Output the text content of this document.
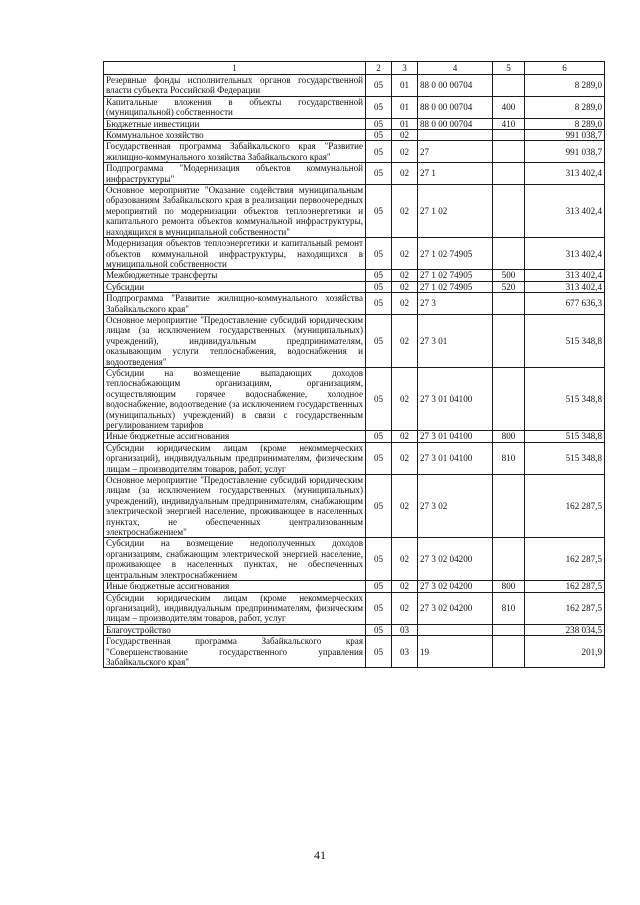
1	2	3	4	5	6
Резервные фонды исполнительных органов государственной власти субъекта Российской Федерации	05	01	88 0 00 00704		8 289,0
Капитальные вложения в объекты государственной (муниципальной) собственности	05	01	88 0 00 00704	400	8 289,0
Бюджетные инвестиции	05	01	88 0 00 00704	410	8 289,0
Коммунальное хозяйство	05	02			991 038,7
Государственная программа Забайкальского края "Развитие жилищно-коммунального хозяйства Забайкальского края"	05	02	27		991 038,7
Подпрограмма "Модернизация объектов коммунальной инфраструктуры"	05	02	27 1		313 402,4
Основное мероприятие "Оказание содействия муниципальным образованиям Забайкальского края в реализации первоочередных мероприятий по модернизации объектов теплоэнергетики и капитального ремонта объектов коммунальной инфраструктуры, находящихся в муниципальной собственности"	05	02	27 1 02		313 402,4
Модернизация объектов теплоэнергетики и капитальный ремонт объектов коммунальной инфраструктуры, находящихся в муниципальной собственности	05	02	27 1 02 74905		313 402,4
Межбюджетные трансферты	05	02	27 1 02 74905	500	313 402,4
Субсидии	05	02	27 1 02 74905	520	313 402,4
Подпрограмма "Развитие жилищно-коммунального хозяйства Забайкальского края"	05	02	27 3		677 636,3
Основное мероприятие "Предоставление субсидий юридическим лицам (за исключением государственных (муниципальных) учреждений), индивидуальным предпринимателям, оказывающим услуги теплоснабжения, водоснабжения и водоотведения"	05	02	27 3 01		515 348,8
Субсидии на возмещение выпадающих доходов теплоснабжающим организациям, организациям, осуществляющим горячее водоснабжение, холодное водоснабжение, водоотведение (за исключением государственных (муниципальных) учреждений) в связи с государственным регулированием тарифов	05	02	27 3 01 04100		515 348,8
Иные бюджетные ассигнования	05	02	27 3 01 04100	800	515 348,8
Субсидии юридическим лицам (кроме некоммерческих организаций), индивидуальным предпринимателям, физическим лицам – производителям товаров, работ, услуг	05	02	27 3 01 04100	810	515 348,8
Основное мероприятие "Предоставление субсидий юридическим лицам (за исключением государственных (муниципальных) учреждений), индивидуальным предпринимателям, снабжающим электрической энергией население, проживающее в населенных пунктах, не обеспеченных централизованным электроснабжением"	05	02	27 3 02		162 287,5
Субсидии на возмещение недополученных доходов организациям, снабжающим электрической энергией население, проживающее в населенных пунктах, не обеспеченных центральным электроснабжением	05	02	27 3 02 04200		162 287,5
Иные бюджетные ассигнования	05	02	27 3 02 04200	800	162 287,5
Субсидии юридическим лицам (кроме некоммерческих организаций), индивидуальным предпринимателям, физическим лицам – производителям товаров, работ, услуг	05	02	27 3 02 04200	810	162 287,5
Благоустройство	05	03			238 034,5
Государственная программа Забайкальского края "Совершенствование государственного управления Забайкальского края"	05	03	19		201,9
41
